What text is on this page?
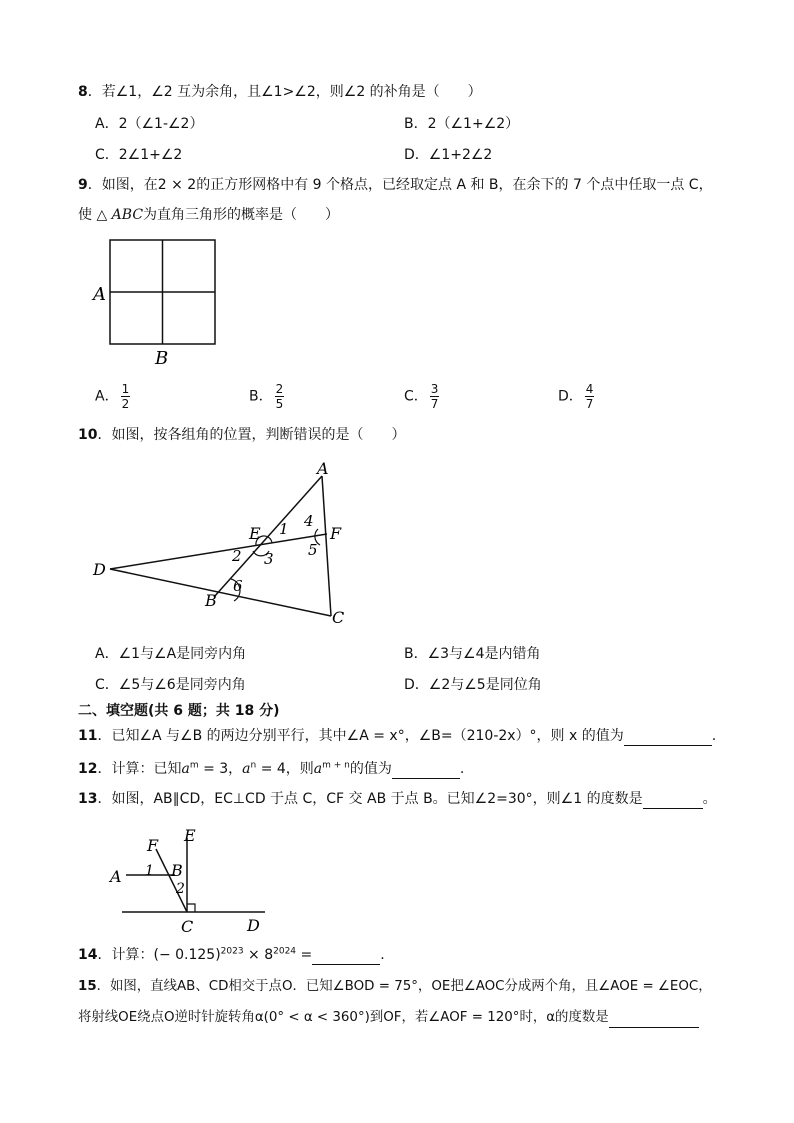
8．若∠1，∠2 互为余角，且∠1>∠2，则∠2 的补角是（　　）
A．2（∠1-∠2）	B．2（∠1+∠2）
C．2∠1+∠2	D．∠1+2∠2
9．如图，在2 × 2的正方形网格中有 9 个格点，已经取定点 A 和 B，在余下的 7 个点中任取一点 C，
使 △ ABC为直角三角形的概率是（　　）
A
B
A． $\frac{1}{2}$	B． $\frac{2}{5}$	C． $\frac{3}{7}$	D． $\frac{4}{7}$
10．如图，按各组角的位置，判断错误的是（　　）
A
B
C
D
E	F
1
2 3
4
5
6
A．∠1与∠A是同旁内角	B．∠3与∠4是内错角
C．∠5与∠6是同旁内角	D．∠2与∠5是同位角
二、填空题(共 6 题；共 18 分)
11．已知∠A 与∠B 的两边分别平行，其中∠A = x°，∠B=（210-2x）°，则 x 的值为	.
12．计算：已知$a^m = 3$，$a^n = 4$，则$a^{m + n}$的值为	.
13．如图，AB∥CD，EC⊥CD 于点 C，CF 交 AB 于点 B。已知∠2=30°，则∠1 的度数是	。
A	B
C	D
E
F
1
2
14．计算：(− $0.125)^{2023} \times 8^{2024}$ =	.
15．如图，直线AB、CD相交于点O．已知∠BOD = 75°，OE把∠AOC分成两个角，且∠AOE = ∠EOC，
将射线OE绕点O逆时针旋转角α(0° < α < 360°)到OF，若∠AOF = 120°时，α的度数是
